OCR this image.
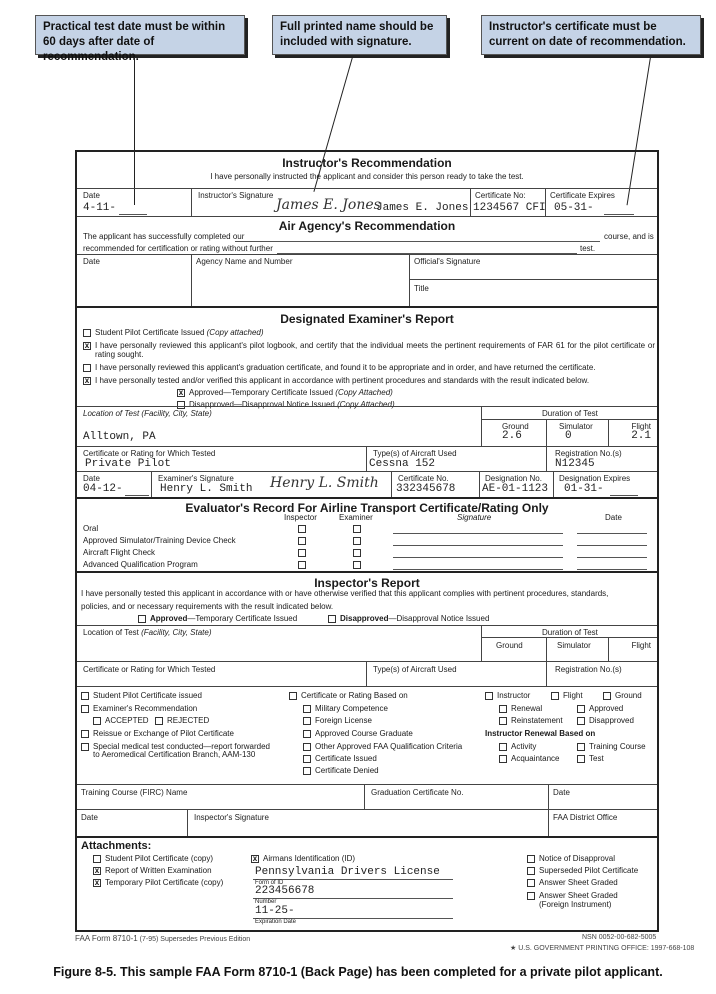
Practical test date must be within 60 days after date of recommendation.
Full printed name should be included with signature.
Instructor's certificate must be current on date of recommendation.
Instructor's Recommendation
I have personally instructed the applicant and consider this person ready to take the test.
Date
4-11-
Instructor's Signature
James E. Jones
James E. Jones
Certificate No:
1234567 CFI
Certificate Expires
05-31-
Air Agency's Recommendation
The applicant has successfully completed our	course, and is
recommended for certification or rating without further	test.
Date	Agency Name and Number	Official's Signature
Title
Designated Examiner's Report
Student Pilot Certificate Issued (Copy attached)
x I have personally reviewed this applicant's pilot logbook, and certify that the individual meets the pertinent requirements of FAR 61 for the pilot certificate or rating sought.
I have personally reviewed this applicant's graduation certificate, and found it to be appropriate and in order, and have returned the certificate.
x I have personally tested and/or verified this applicant in accordance with pertinent procedures and standards with the result indicated below.
x Approved—Temporary Certificate Issued (Copy Attached)
Disapproved—Disapproval Notice Issued (Copy Attached)
Location of Test (Facility, City, State)
Alltown, PA
Duration of Test
Ground
2.6
Simulator
0
Flight
2.1
Certificate or Rating for Which Tested
Private Pilot
Type(s) of Aircraft Used
Cessna 152
Registration No.(s)
N12345
Date
04-12-
Examiner's Signature
Henry L. Smith Henry L. Smith Certificate No.
332345678
Designation No.
AE-01-1123
Designation Expires
01-31-
Evaluator's Record For Airline Transport Certificate/Rating Only
Inspector	Examiner	Signature	Date
Oral
Approved Simulator/Training Device Check
Aircraft Flight Check
Advanced Qualification Program
Inspector's Report
I have personally tested this applicant in accordance with or have otherwise verified that this applicant complies with pertinent procedures, standards,
policies, and or necessary requirements with the result indicated below.
Approved—Temporary Certificate Issued	Disapproved—Disapproval Notice Issued
Location of Test (Facility, City, State)	Duration of Test
Ground	Simulator	Flight
Certificate or Rating for Which Tested	Type(s) of Aircraft Used	Registration No.(s)
Student Pilot Certificate issued
Examiner's Recommendation
ACCEPTED REJECTED
Reissue or Exchange of Pilot Certificate
Special medical test conducted—report forwarded
to Aeromedical Certification Branch, AAM-130
Certificate or Rating Based on
Military Competence
Foreign License
Approved Course Graduate
Other Approved FAA Qualification Criteria
Certificate Issued
Certificate Denied
Instructor	Flight	Ground
Renewal	Approved
Reinstatement	Disapproved
Instructor Renewal Based on
Activity	Training Course
Acquaintance	Test
Training Course (FIRC) Name	Graduation Certificate No.	Date
Date	Inspector's Signature	FAA District Office
Attachments:
Student Pilot Certificate (copy)
x Report of Written Examination
x Temporary Pilot Certificate (copy)
x Airmans Identification (ID)
Pennsylvania Drivers License
Form of ID
223456678
Number
11-25-
Expiration Date
Notice of Disapproval
Superseded Pilot Certificate
Answer Sheet Graded
Answer Sheet Graded
(Foreign Instrument)
FAA Form 8710-1 (7-95) Supersedes Previous Edition	NSN 0052-00-682-5005
★ U.S. GOVERNMENT PRINTING OFFICE: 1997-668-108
Figure 8-5. This sample FAA Form 8710-1 (Back Page) has been completed for a private pilot applicant.
